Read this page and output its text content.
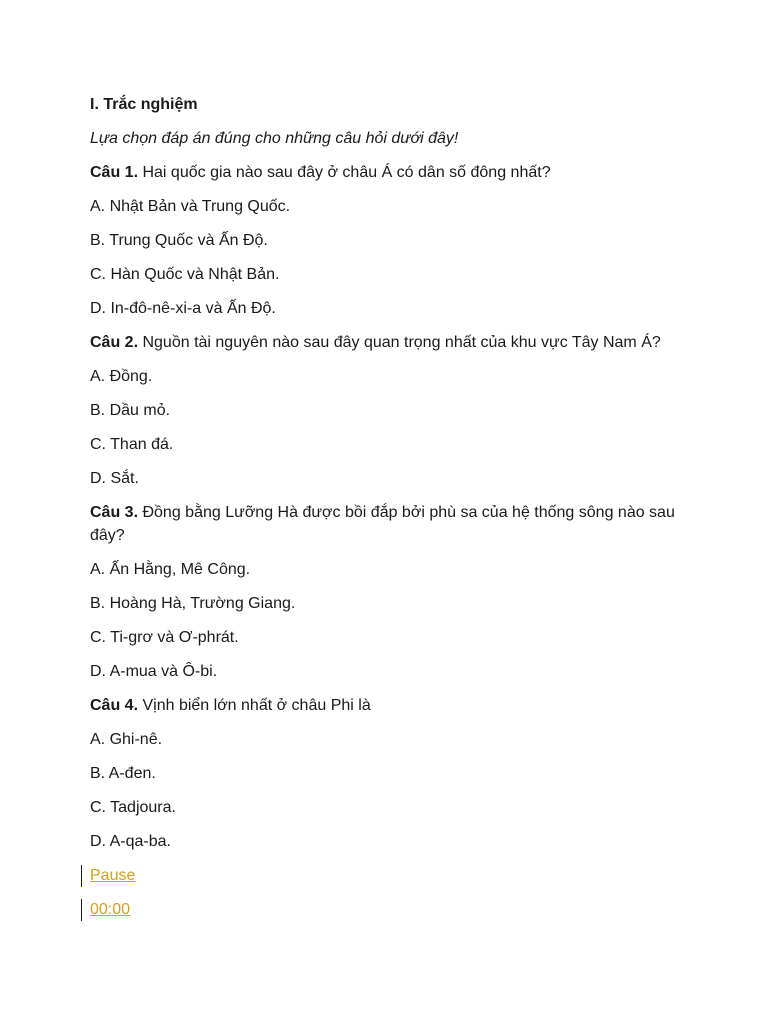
I. Trắc nghiệm
Lựa chọn đáp án đúng cho những câu hỏi dưới đây!
Câu 1. Hai quốc gia nào sau đây ở châu Á có dân số đông nhất?
A. Nhật Bản và Trung Quốc.
B. Trung Quốc và Ấn Độ.
C. Hàn Quốc và Nhật Bản.
D. In-đô-nê-xi-a và Ấn Độ.
Câu 2. Nguồn tài nguyên nào sau đây quan trọng nhất của khu vực Tây Nam Á?
A. Đồng.
B. Dầu mỏ.
C. Than đá.
D. Sắt.
Câu 3. Đồng bằng Lưỡng Hà được bồi đắp bởi phù sa của hệ thống sông nào sau đây?
A. Ấn Hằng, Mê Công.
B. Hoàng Hà, Trường Giang.
C. Ti-grơ và Ơ-phrát.
D. A-mua và Ô-bi.
Câu 4. Vịnh biển lớn nhất ở châu Phi là
A. Ghi-nê.
B. A-đen.
C. Tadjoura.
D. A-qa-ba.
Pause
00:00
